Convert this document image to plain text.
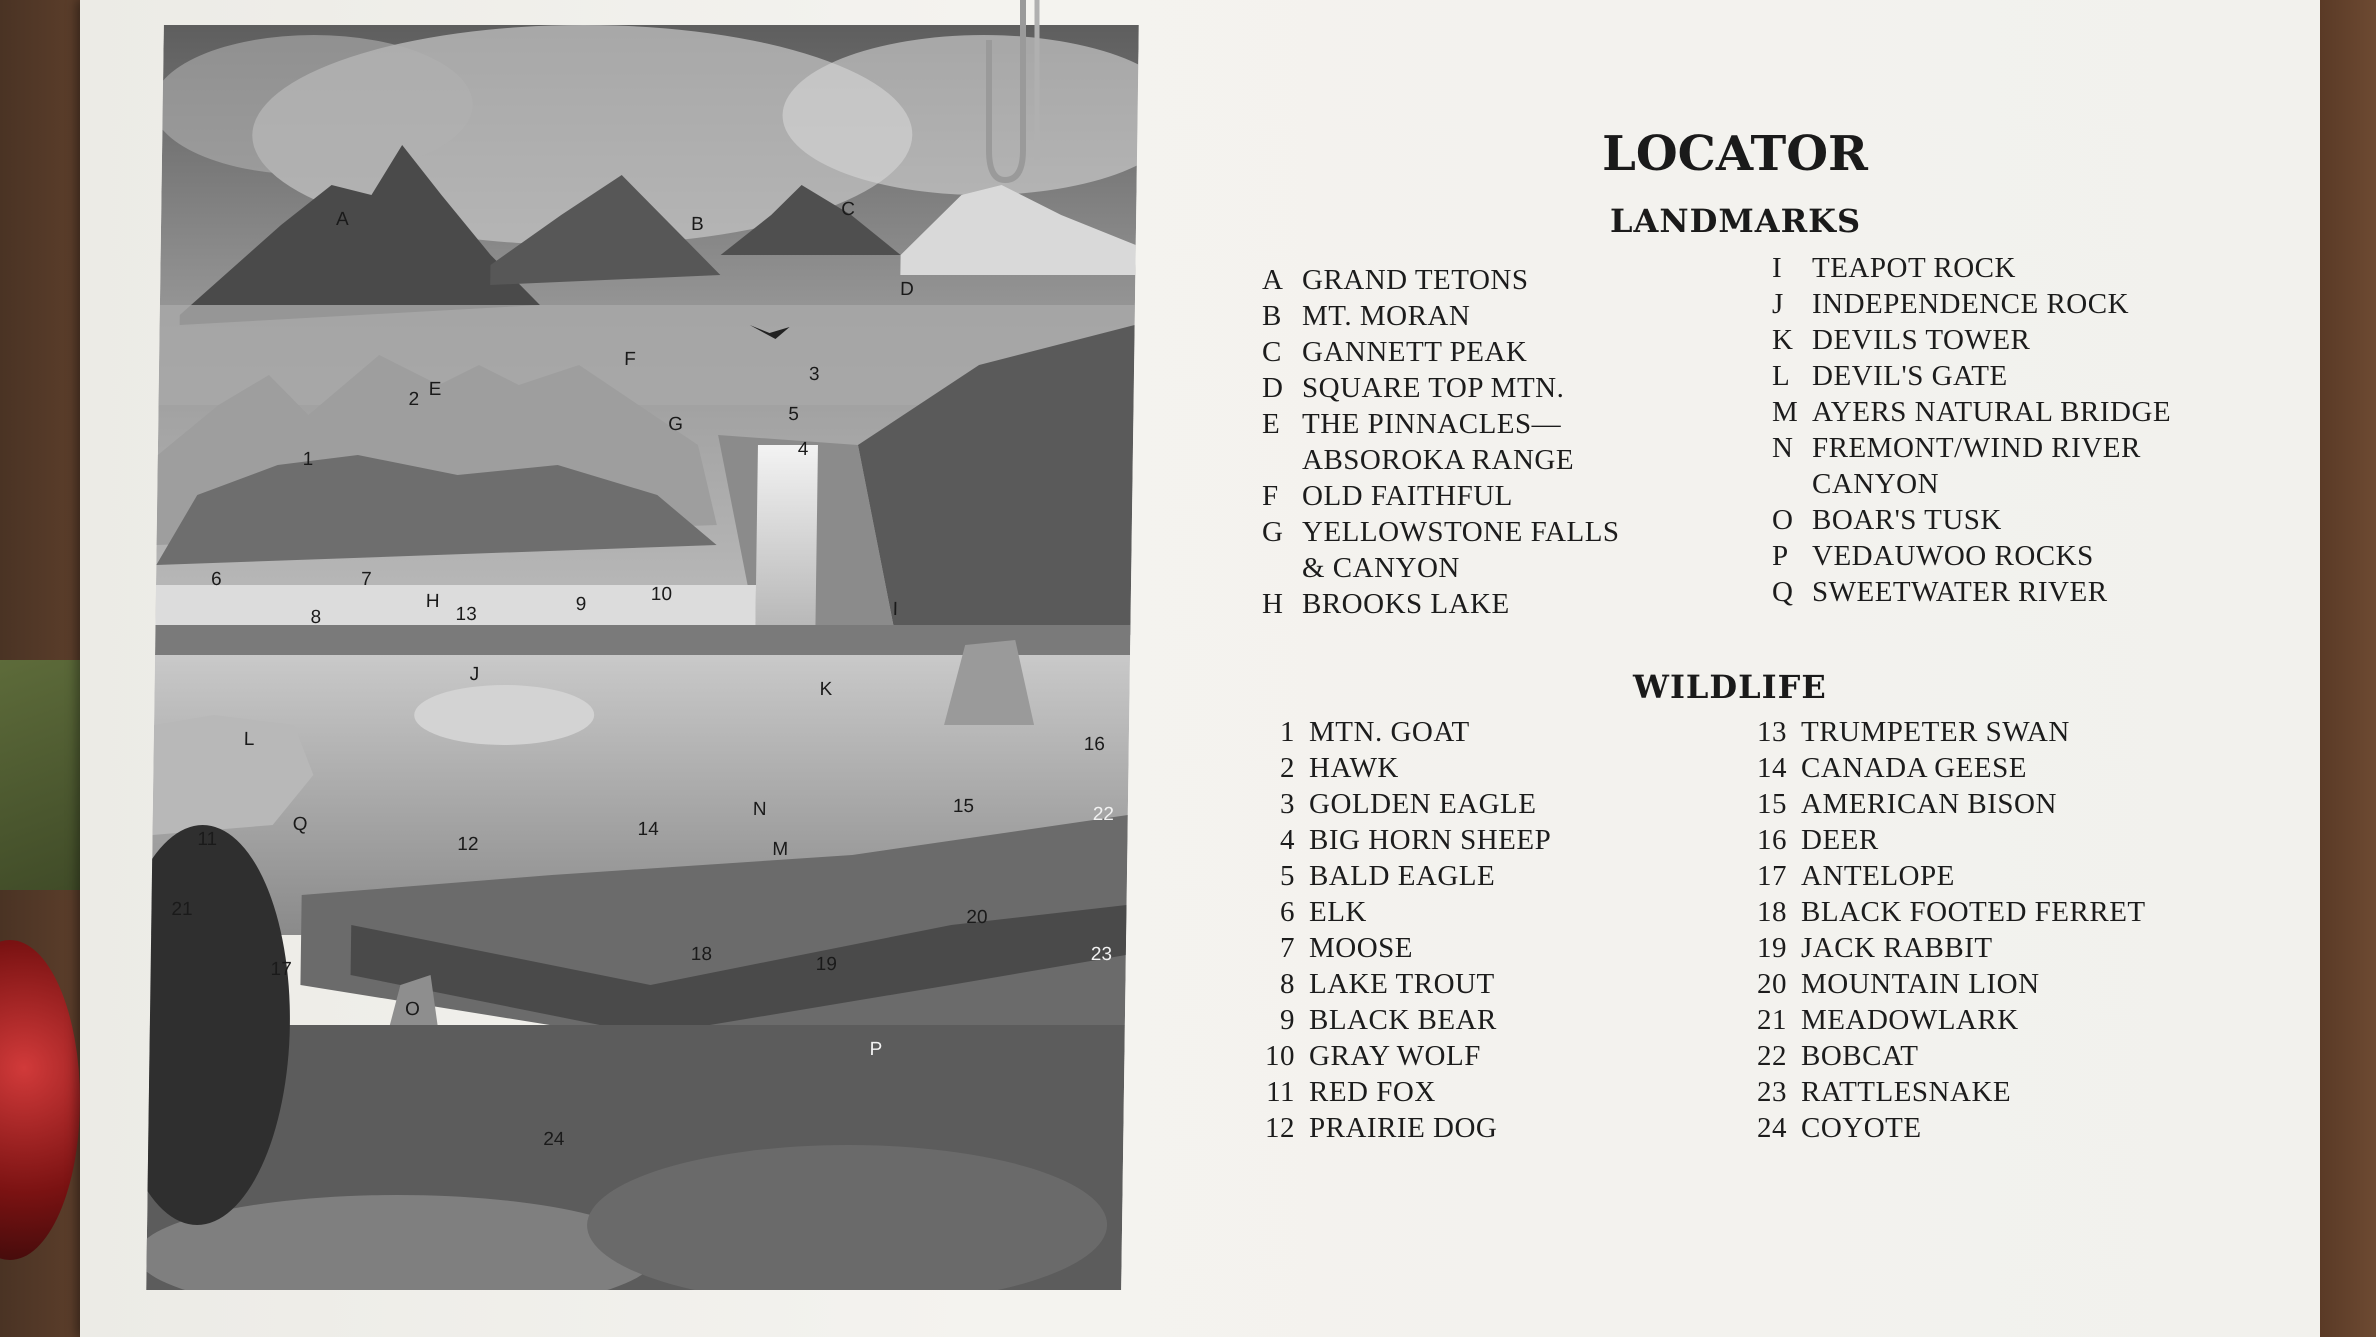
A	B
C
D
E
F
G
H	I
J
K
L
M
N
O
P
Q
1
2
3
4
5
6	7
8
9	10
11	12
13
14
15
16
17
18	19
20
21
22
23
24
LOCATOR
LANDMARKS
WILDLIFE
A GRAND TETONS
B MT. MORAN
C GANNETT PEAK
D SQUARE TOP MTN.
E THE PINNACLES—
ABSOROKA RANGE
F OLD FAITHFUL
G YELLOWSTONE FALLS
& CANYON
H BROOKS LAKE
I TEAPOT ROCK
J INDEPENDENCE ROCK
K DEVILS TOWER
L DEVIL'S GATE
M AYERS NATURAL BRIDGE
N FREMONT/WIND RIVER
CANYON
O BOAR'S TUSK
P VEDAUWOO ROCKS
Q SWEETWATER RIVER
1 MTN. GOAT
2 HAWK
3 GOLDEN EAGLE
4 BIG HORN SHEEP
5 BALD EAGLE
6 ELK
7 MOOSE
8 LAKE TROUT
9 BLACK BEAR
10 GRAY WOLF
11 RED FOX
12 PRAIRIE DOG
13 TRUMPETER SWAN
14 CANADA GEESE
15 AMERICAN BISON
16 DEER
17 ANTELOPE
18 BLACK FOOTED FERRET
19 JACK RABBIT
20 MOUNTAIN LION
21 MEADOWLARK
22 BOBCAT
23 RATTLESNAKE
24 COYOTE
